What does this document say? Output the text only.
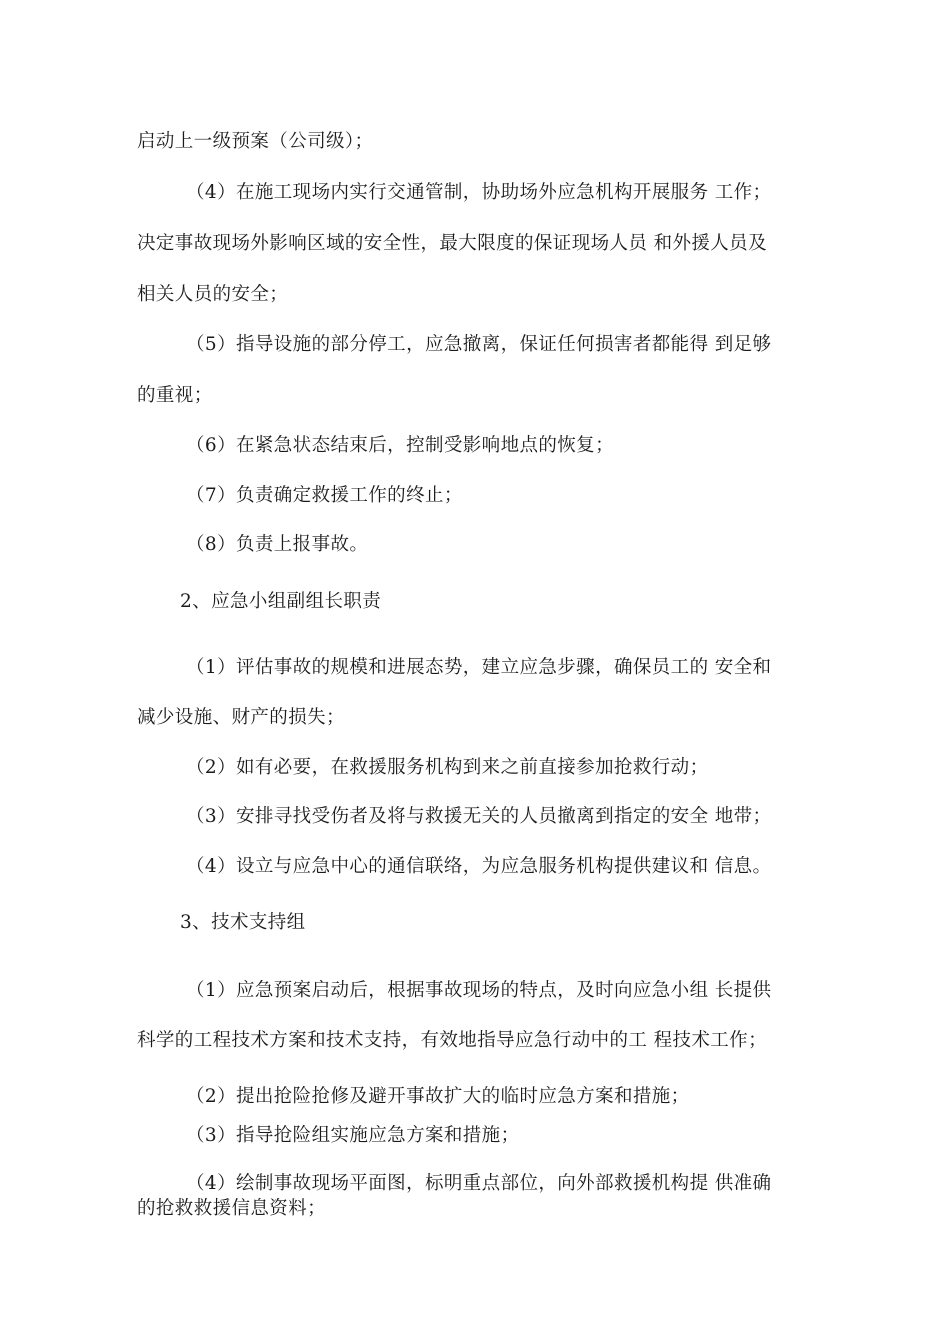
启动上一级预案（公司级）；
（4）在施工现场内实行交通管制，协助场外应急机构开展服务 工作；
决定事故现场外影响区域的安全性，最大限度的保证现场人员 和外援人员及
相关人员的安全；
（5）指导设施的部分停工，应急撤离，保证任何损害者都能得 到足够
的重视；
（6）在紧急状态结束后，控制受影响地点的恢复；
（7）负责确定救援工作的终止；
（8）负责上报事故。
2、应急小组副组长职责
（1）评估事故的规模和进展态势，建立应急步骤，确保员工的 安全和
减少设施、财产的损失；
（2）如有必要，在救援服务机构到来之前直接参加抢救行动；
（3）安排寻找受伤者及将与救援无关的人员撤离到指定的安全 地带；
（4）设立与应急中心的通信联络，为应急服务机构提供建议和 信息。
3、技术支持组
（1）应急预案启动后，根据事故现场的特点，及时向应急小组 长提供
科学的工程技术方案和技术支持，有效地指导应急行动中的工 程技术工作；
（2）提出抢险抢修及避开事故扩大的临时应急方案和措施；
（3）指导抢险组实施应急方案和措施；
（4）绘制事故现场平面图，标明重点部位，向外部救援机构提 供准确
的抢救救援信息资料；
